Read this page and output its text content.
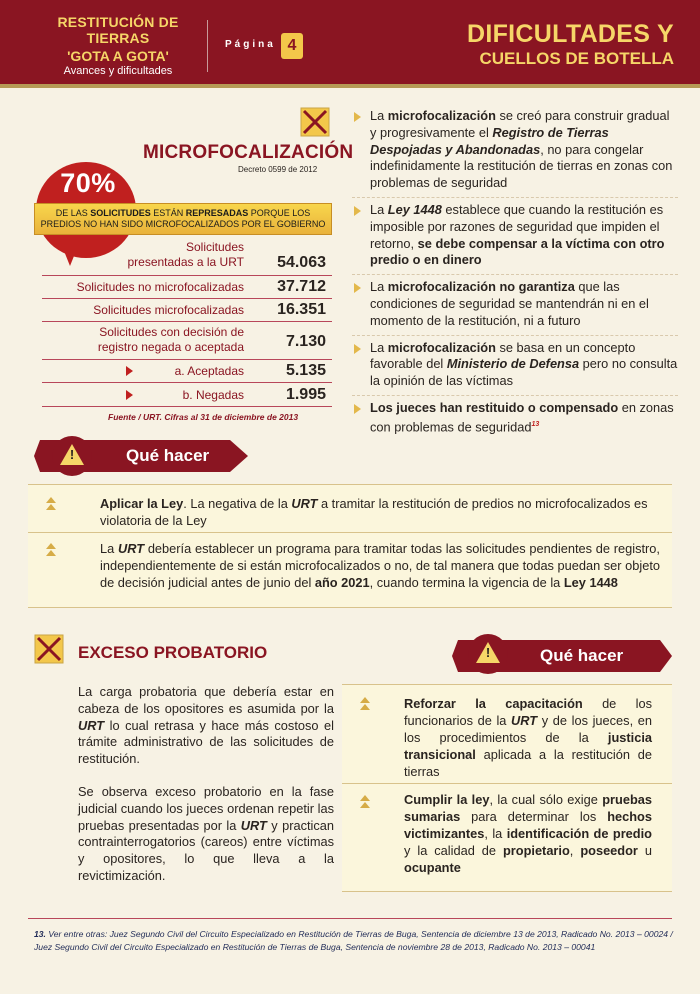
RESTITUCIÓN DE TIERRAS
'GOTA A GOTA'
Avances y dificultades
Página 4	DIFICULTADES Y
CUELLOS DE BOTELLA
MICROFOCALIZACIÓN
Decreto 0599 de 2012
70%
DE LAS SOLICITUDES ESTÁN REPRESADAS PORQUE LOS
PREDIOS NO HAN SIDO MICROFOCALIZADOS POR EL GOBIERNO
Solicitudes
presentadas a la URT 54.063
Solicitudes no microfocalizadas 37.712
Solicitudes microfocalizadas 16.351
Solicitudes con decisión de
registro negada o aceptada	7.130
a. Aceptadas	5.135
b. Negadas	1.995
Fuente / URT. Cifras al 31 de diciembre de 2013
La microfocalización se creó para construir gradual y progresivamente el Registro de Tierras Despojadas y Abandonadas, no para congelar indefinidamente la restitución de tierras en zonas con problemas de seguridad
La Ley 1448 establece que cuando la restitución es imposible por razones de seguridad que impiden el retorno, se debe compensar a la víctima con otro predio o en dinero
La microfocalización no garantiza que las condiciones de seguridad se mantendrán ni en el momento de la restitución, ni a futuro
La microfocalización se basa en un concepto favorable del Ministerio de Defensa pero no consulta la opinión de las víctimas
Los jueces han restituido o compensado en zonas con problemas de seguridad$^{13}$
!	Qué hacer
Aplicar la Ley. La negativa de la URT a tramitar la restitución de predios no microfocalizados es violatoria de la Ley
La URT debería establecer un programa para tramitar todas las solicitudes pendientes de registro, independientemente de si están microfocalizados o no, de tal manera que todas puedan ser objeto de decisión judicial antes de junio del año 2021, cuando termina la vigencia de la Ley 1448
EXCESO PROBATORIO
La carga probatoria que debería estar en cabeza de los opositores es asumida por la URT lo cual retrasa y hace más costoso el trámite administrativo de las solicitudes de restitución.
Se observa exceso probatorio en la fase judicial cuando los jueces ordenan repetir las pruebas presentadas por la URT y practican contrainterrogatorios (careos) entre víctimas y opositores, lo que lleva a la revictimización.
!	Qué hacer
Reforzar la capacitación de los funcionarios de la URT y de los jueces, en los procedimientos de la justicia transicional aplicada a la restitución de tierras
Cumplir la ley, la cual sólo exige pruebas sumarias para determinar los hechos victimizantes, la identificación de predio y la calidad de propietario, poseedor u ocupante
13. Ver entre otras: Juez Segundo Civil del Circuito Especializado en Restitución de Tierras de Buga, Sentencia de diciembre 13 de 2013, Radicado No. 2013 – 00024 / Juez Segundo Civil del Circuito Especializado en Restitución de Tierras de Buga, Sentencia de noviembre 28 de 2013, Radicado No. 2013 – 00041
